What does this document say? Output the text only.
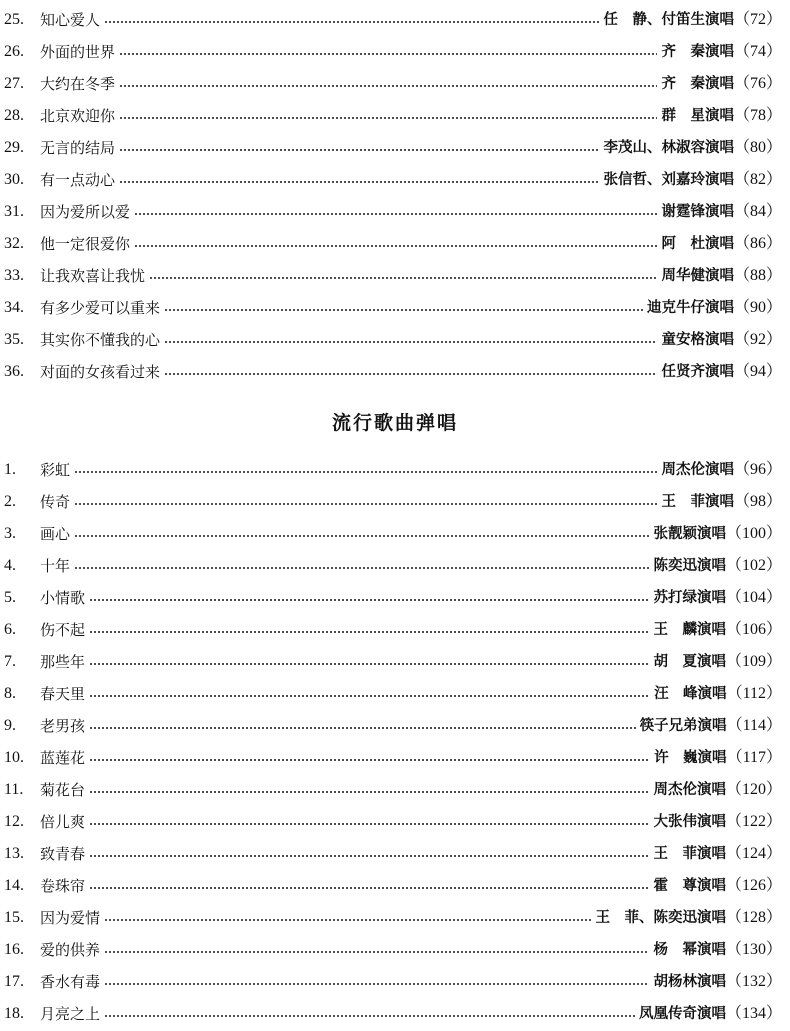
25.	知心爱人	任　静、付笛生演唱 （72）
26.	外面的世界	齐　秦演唱 （74）
27.	大约在冬季	齐　秦演唱 （76）
28.	北京欢迎你	群　星演唱 （78）
29.	无言的结局	李茂山、林淑容演唱 （80）
30.	有一点动心	张信哲、刘嘉玲演唱 （82）
31.	因为爱所以爱	谢霆锋演唱 （84）
32.	他一定很爱你	阿　杜演唱 （86）
33.	让我欢喜让我忧	周华健演唱 （88）
34.	有多少爱可以重来	迪克牛仔演唱 （90）
35.	其实你不懂我的心	童安格演唱 （92）
36.	对面的女孩看过来	任贤齐演唱 （94）
流行歌曲弹唱
1.	彩虹	周杰伦演唱 （96）
2.	传奇	王　菲演唱 （98）
3.	画心	张靓颖演唱 （100）
4.	十年	陈奕迅演唱 （102）
5.	小情歌	苏打绿演唱 （104）
6.	伤不起	王　麟演唱 （106）
7.	那些年	胡　夏演唱 （109）
8.	春天里	汪　峰演唱 （112）
9.	老男孩	筷子兄弟演唱 （114）
10.	蓝莲花	许　巍演唱 （117）
11.	菊花台	周杰伦演唱 （120）
12.	倍儿爽	大张伟演唱 （122）
13.	致青春	王　菲演唱 （124）
14.	卷珠帘	霍　尊演唱 （126）
15.	因为爱情	王　菲、陈奕迅演唱 （128）
16.	爱的供养	杨　幂演唱 （130）
17.	香水有毒	胡杨林演唱 （132）
18.	月亮之上	凤凰传奇演唱 （134）
